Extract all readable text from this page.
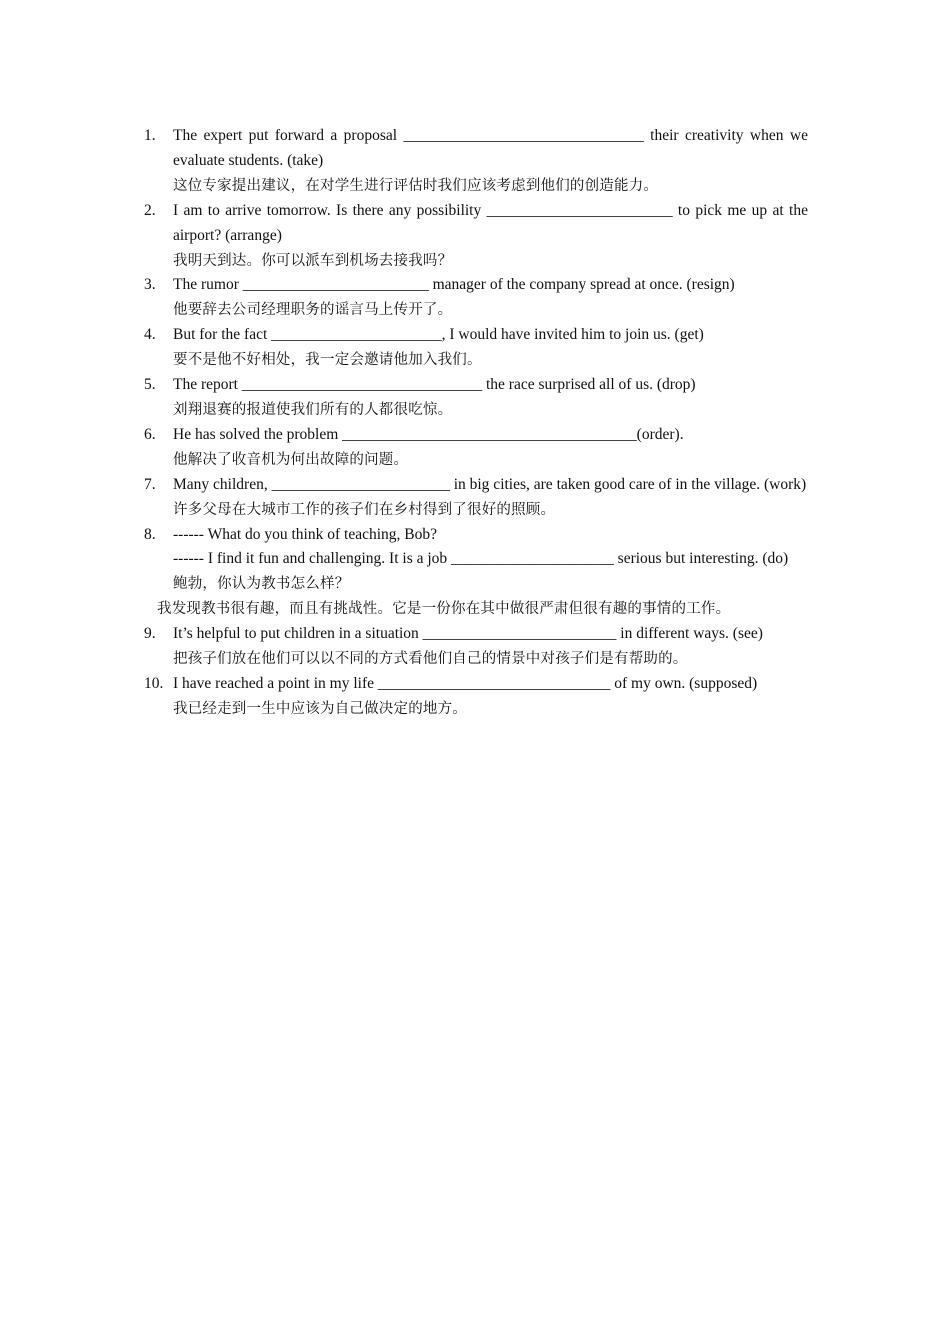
1. The expert put forward a proposal _______________________________ their creativity when we evaluate students. (take)
这位专家提出建议，在对学生进行评估时我们应该考虑到他们的创造能力。
2. I am to arrive tomorrow. Is there any possibility ________________________ to pick me up at the airport? (arrange)
我明天到达。你可以派车到机场去接我吗？
3. The rumor ________________________ manager of the company spread at once. (resign)
他要辞去公司经理职务的谣言马上传开了。
4. But for the fact ______________________, I would have invited him to join us. (get)
要不是他不好相处，我一定会邀请他加入我们。
5. The report _______________________________ the race surprised all of us. (drop)
刘翔退赛的报道使我们所有的人都很吃惊。
6. He has solved the problem ______________________________________(order).
他解决了收音机为何出故障的问题。
7. Many children, _______________________ in big cities, are taken good care of in the village. (work)
许多父母在大城市工作的孩子们在乡村得到了很好的照顾。
8. ------ What do you think of teaching, Bob?
------ I find it fun and challenging. It is a job _____________________ serious but interesting. (do)
鲍勃，你认为教书怎么样？
我发现教书很有趣，而且有挑战性。它是一份你在其中做很严肃但很有趣的事情的工作。
9. It’s helpful to put children in a situation _________________________ in different ways. (see)
把孩子们放在他们可以以不同的方式看他们自己的情景中对孩子们是有帮助的。
10. I have reached a point in my life ______________________________ of my own. (supposed)
我已经走到一生中应该为自己做决定的地方。
